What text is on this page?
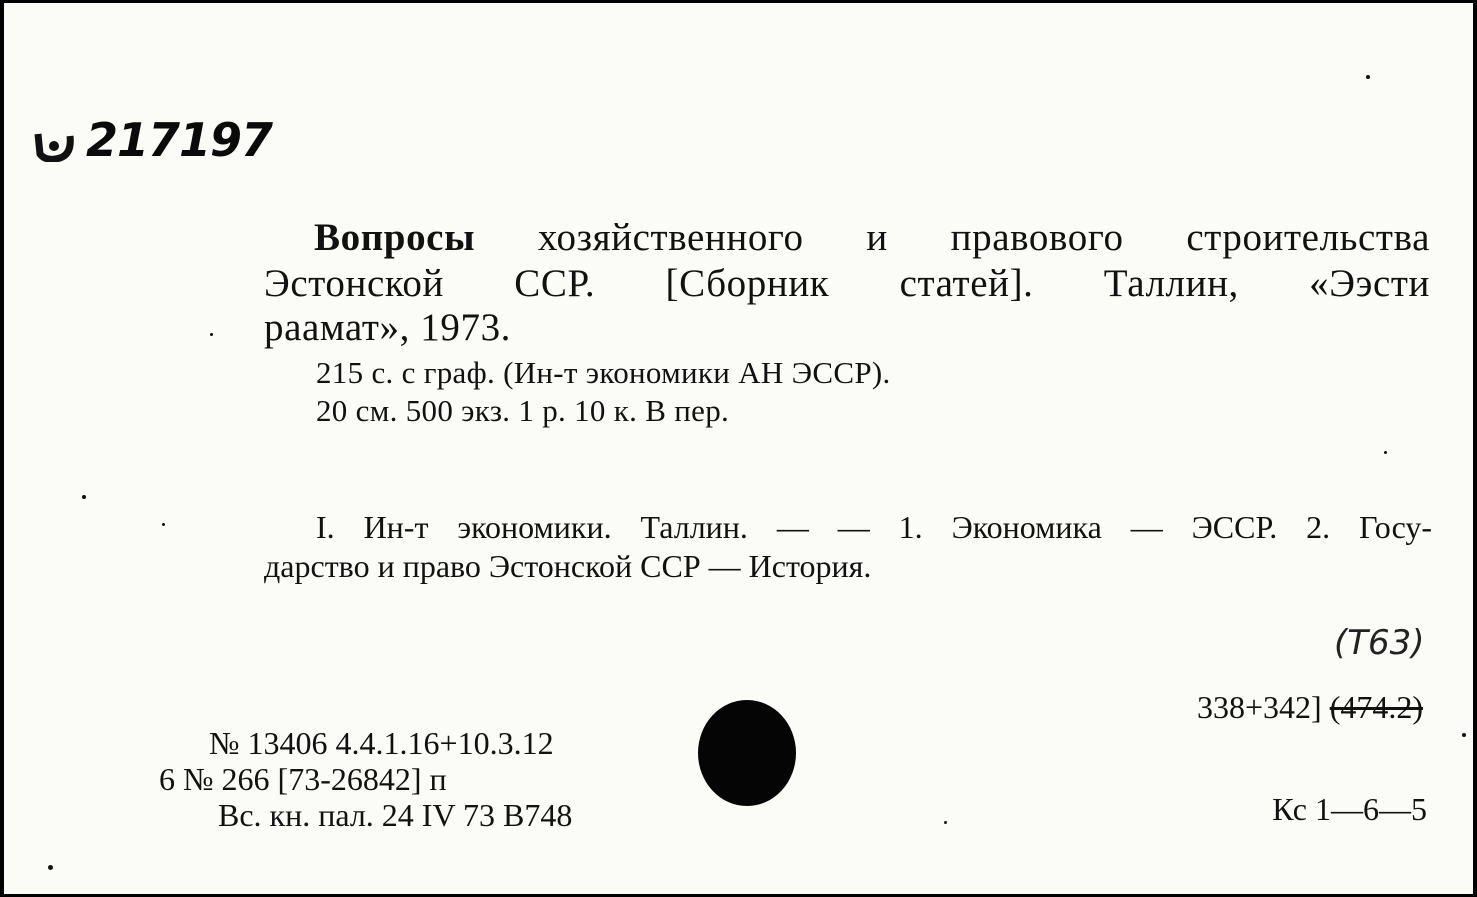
217197
Вопросы хозяйственного и правового строительства
Эстонской ССР. [Сборник статей]. Таллин, «Ээсти
раамат», 1973.
215 с. с граф. (Ин-т экономики АН ЭССР).
20 см. 500 экз. 1 р. 10 к. В пер.
I. Ин-т экономики. Таллин. — — 1. Экономика — ЭССР. 2. Госу-
дарство и право Эстонской ССР — История.
(T63)
338+342] (474.2)
№ 13406 4.4.1.16+10.3.12
6 № 266 [73-26842] п
Вс. кн. пал. 24 IV 73 В748	Кс 1—6—5
